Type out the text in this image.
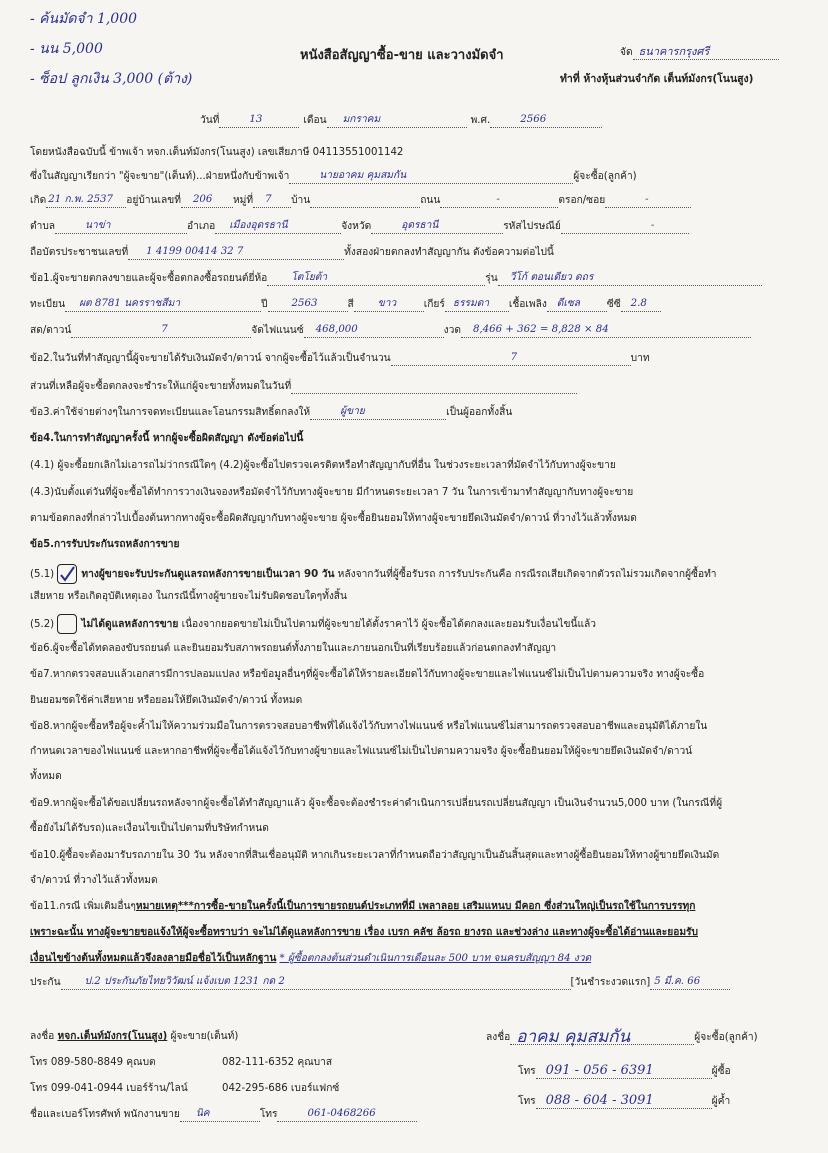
- ค้นมัดจำ 1,000
- นน 5,000
- ซ็อป ลูกเงิน 3,000 (ต้าง)
หนังสือสัญญาซื้อ-ขาย และวางมัดจำ	จัด ธนาคารกรุงศรี
ทำที่ ห้างหุ้นส่วนจำกัด เต็นท์มังกร(โนนสูง)
วันที่	13	เดือน มกราคม	พ.ศ.	2566
โดยหนังสือฉบับนี้ ข้าพเจ้า หจก.เต็นท์มังกร(โนนสูง) เลขเสียภาษี 04113551001142
ซึ่งในสัญญาเรียกว่า "ผู้จะขาย"(เต็นท์)...ฝ่ายหนึ่งกับข้าพเจ้า	นายอาคม คุมสมกัน	ผู้จะซื้อ(ลูกค้า)
เกิด 21 ก.พ. 2537 อยู่บ้านเลขที่ 206 หมู่ที่ 7 บ้าน	ถนน	-	ตรอก/ซอย	-
ตำบล	นาข่า	อำเภอ เมืองอุดรธานี	จังหวัด	อุดรธานี	รหัสไปรษณีย์	-
ถือบัตรประชาชนเลขที่ 1 4199 00414 32 7	ทั้งสองฝ่ายตกลงทำสัญญากัน ดังข้อความต่อไปนี้
ข้อ1.ผู้จะขายตกลงขายและผู้จะซื้อตกลงซื้อรถยนต์ยี่ห้อ โตโยต้า	รุ่น วีโก้ ตอนเดียว ดถร
ทะเบียน ผต 8781 นครราชสีมา	ปี 2563	สี ขาว	เกียร์ ธรรมดา เชื้อเพลิง ดีเซล	ซีซี 2.8
สด/ดาวน์	7	จัดไฟแนนซ์ 468,000	งวด 8,466 + 362 = 8,828 × 84
ข้อ2.ในวันที่ทำสัญญานี้ผู้จะขายได้รับเงินมัดจำ/ดาวน์ จากผู้จะซื้อไว้แล้วเป็นจำนวน	7	บาท
ส่วนที่เหลือผู้จะซื้อตกลงจะชำระให้แก่ผู้จะขายทั้งหมดในวันที่
ข้อ3.ค่าใช้จ่ายต่างๆในการจดทะเบียนและโอนกรรมสิทธิ์ตกลงให้	ผู้ขาย	เป็นผู้ออกทั้งสิ้น
ข้อ4.ในการทำสัญญาครั้งนี้ หากผู้จะซื้อผิดสัญญา ดังข้อต่อไปนี้
(4.1) ผู้จะซื้อยกเลิกไม่เอารถไม่ว่ากรณีใดๆ (4.2)ผู้จะซื้อไปตรวจเครดิตหรือทำสัญญากับที่อื่น ในช่วงระยะเวลาที่มัดจำไว้กับทางผู้จะขาย
(4.3)นับตั้งแต่วันที่ผู้จะซื้อได้ทำการวางเงินจองหรือมัดจำไว้กับทางผู้จะขาย มีกำหนดระยะเวลา 7 วัน ในการเข้ามาทำสัญญากับทางผู้จะขาย
ตามข้อตกลงที่กล่าวไปเบื้องต้นหากทางผู้จะซื้อผิดสัญญากับทางผู้จะขาย ผู้จะซื้อยินยอมให้ทางผู้จะขายยึดเงินมัดจำ/ดาวน์ ที่วางไว้แล้วทั้งหมด
ข้อ5.การรับประกันรถหลังการขาย
(5.1)	ทางผู้ขายจะรับประกันดูแลรถหลังการขายเป็นเวลา 90 วัน หลังจากวันที่ผู้ซื้อรับรถ การรับประกันคือ กรณีรถเสียเกิดจากตัวรถไม่รวมเกิดจากผู้ซื้อทำ
เสียหาย หรือเกิดอุบัติเหตุเอง ในกรณีนี้ทางผู้ขายจะไม่รับผิดชอบใดๆทั้งสิ้น
(5.2)	ไม่ได้ดูแลหลังการขาย เนื่องจากยอดขายไม่เป็นไปตามที่ผู้จะขายได้ตั้งราคาไว้ ผู้จะซื้อได้ตกลงและยอมรับเงื่อนไขนี้แล้ว
ข้อ6.ผู้จะซื้อได้ทดลองขับรถยนต์ และยินยอมรับสภาพรถยนต์ทั้งภายในและภายนอกเป็นที่เรียบร้อยแล้วก่อนตกลงทำสัญญา
ข้อ7.หากตรวจสอบแล้วเอกสารมีการปลอมแปลง หรือข้อมูลอื่นๆที่ผู้จะซื้อได้ให้รายละเอียดไว้กับทางผู้จะขายและไฟแนนซ์ไม่เป็นไปตามความจริง ทางผู้จะซื้อ
ยินยอมชดใช้ค่าเสียหาย หรือยอมให้ยึดเงินมัดจำ/ดาวน์ ทั้งหมด
ข้อ8.หากผู้จะซื้อหรือผู้จะค้ำไม่ให้ความร่วมมือในการตรวจสอบอาชีพที่ได้แจ้งไว้กับทางไฟแนนซ์ หรือไฟแนนซ์ไม่สามารถตรวจสอบอาชีพและอนุมัติได้ภายใน
กำหนดเวลาของไฟแนนซ์ และหากอาชีพที่ผู้จะซื้อได้แจ้งไว้กับทางผู้ขายและไฟแนนซ์ไม่เป็นไปตามความจริง ผู้จะซื้อยินยอมให้ผู้จะขายยึดเงินมัดจำ/ดาวน์
ทั้งหมด
ข้อ9.หากผู้จะซื้อได้ขอเปลี่ยนรถหลังจากผู้จะซื้อได้ทำสัญญาแล้ว ผู้จะซื้อจะต้องชำระค่าดำเนินการเปลี่ยนรถเปลี่ยนสัญญา เป็นเงินจำนวน5,000 บาท (ในกรณีที่ผู้
ซื้อยังไม่ได้รับรถ)และเงื่อนไขเป็นไปตามที่บริษัทกำหนด
ข้อ10.ผู้ซื้อจะต้องมารับรถภายใน 30 วัน หลังจากที่สินเชื่ออนุมัติ หากเกินระยะเวลาที่กำหนดถือว่าสัญญาเป็นอันสิ้นสุดและทางผู้ซื้อยินยอมให้ทางผู้ขายยึดเงินมัด
จำ/ดาวน์ ที่วางไว้แล้วทั้งหมด
ข้อ11.กรณี เพิ่มเติมอื่นๆหมายเหตุ***การซื้อ-ขายในครั้งนี้เป็นการขายรถยนต์ประเภทที่มี เพลาลอย เสริมแหนบ มีคอก ซึ่งส่วนใหญ่เป็นรถใช้ในการบรรทุก
เพราะฉะนั้น ทางผู้จะขายขอแจ้งให้ผู้จะซื้อทราบว่า จะไม่ได้ดูแลหลังการขาย เรื่อง เบรก คลัช ล้อรถ ยางรถ และช่วงล่าง และทางผู้จะซื้อได้อ่านและยอมรับ
เงื่อนไขข้างต้นทั้งหมดแล้วจึงลงลายมือชื่อไว้เป็นหลักฐาน * ผู้ซื้อตกลงต้นส่วนดำเนินการเดือนละ 500 บาท จนครบสัญญา 84 งวด
ประกัน ป.2 ประกันภัยไทยวิวัฒน์ แจ้งเบต 1231 กด 2	[วันชำระงวดแรก] 5 มี.ค. 66
ลงชื่อ หจก.เต็นท์มังกร(โนนสูง) ผู้จะขาย(เต็นท์)
โทร 089-580-8849 คุณบต	082-111-6352 คุณบาส
โทร 099-041-0944 เบอร์ร้าน/ไลน์	042-295-686 เบอร์แฟกซ์
ชื่อและเบอร์โทรศัพท์ พนักงานขาย นิค	โทร	061-0468266
ลงชื่อ อาคม คุมสมกัน	ผู้จะซื้อ(ลูกค้า)
โทร 091 - 056 - 6391	ผู้ซื้อ
โทร 088 - 604 - 3091	ผู้ค้ำ
